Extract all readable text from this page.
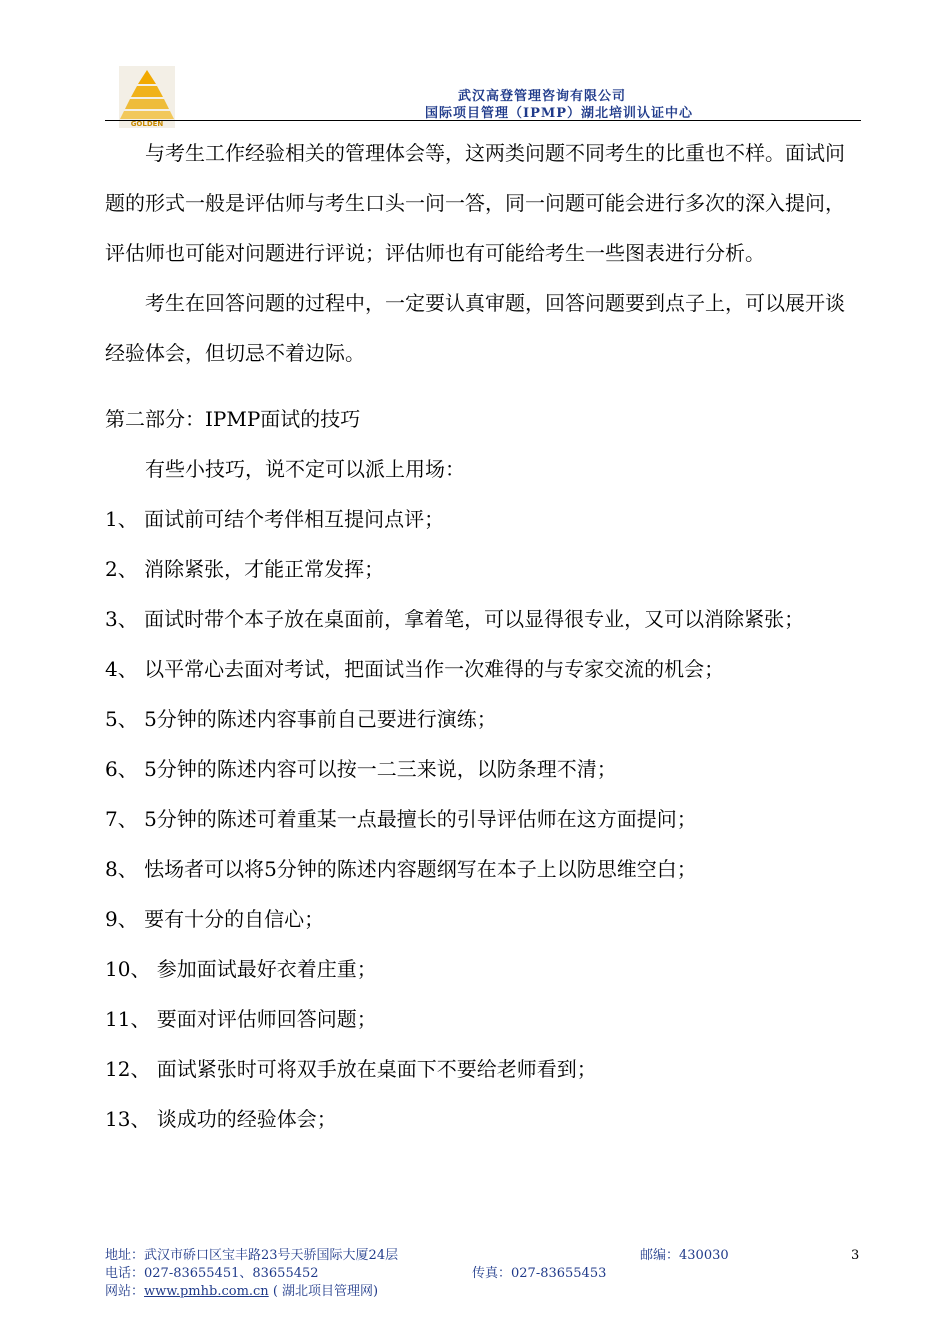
GOLDEN
武汉高登管理咨询有限公司
国际项目管理（IPMP）湖北培训认证中心

与考生工作经验相关的管理体会等，这两类问题不同考生的比重也不样。面试问题的形式一般是评估师与考生口头一问一答，同一问题可能会进行多次的深入提问，评估师也可能对问题进行评说；评估师也有可能给考生一些图表进行分析。

考生在回答问题的过程中，一定要认真审题，回答问题要到点子上，可以展开谈经验体会，但切忌不着边际。

第二部分：IPMP面试的技巧

有些小技巧，说不定可以派上用场：

1、 面试前可结个考伴相互提问点评；

2、 消除紧张，才能正常发挥；

3、 面试时带个本子放在桌面前，拿着笔，可以显得很专业，又可以消除紧张；

4、 以平常心去面对考试，把面试当作一次难得的与专家交流的机会；

5、 5分钟的陈述内容事前自己要进行演练；

6、 5分钟的陈述内容可以按一二三来说，以防条理不清；

7、 5分钟的陈述可着重某一点最擅长的引导评估师在这方面提问；

8、 怯场者可以将5分钟的陈述内容题纲写在本子上以防思维空白；

9、 要有十分的自信心；

10、 参加面试最好衣着庄重；

11、 要面对评估师回答问题；

12、 面试紧张时可将双手放在桌面下不要给老师看到；

13、 谈成功的经验体会；

地址：武汉市硚口区宝丰路23号天骄国际大厦24层	邮编：430030	3
电话：027-83655451、83655452	传真：027-83655453
网站：www.pmhb.com.cn ( 湖北项目管理网)
